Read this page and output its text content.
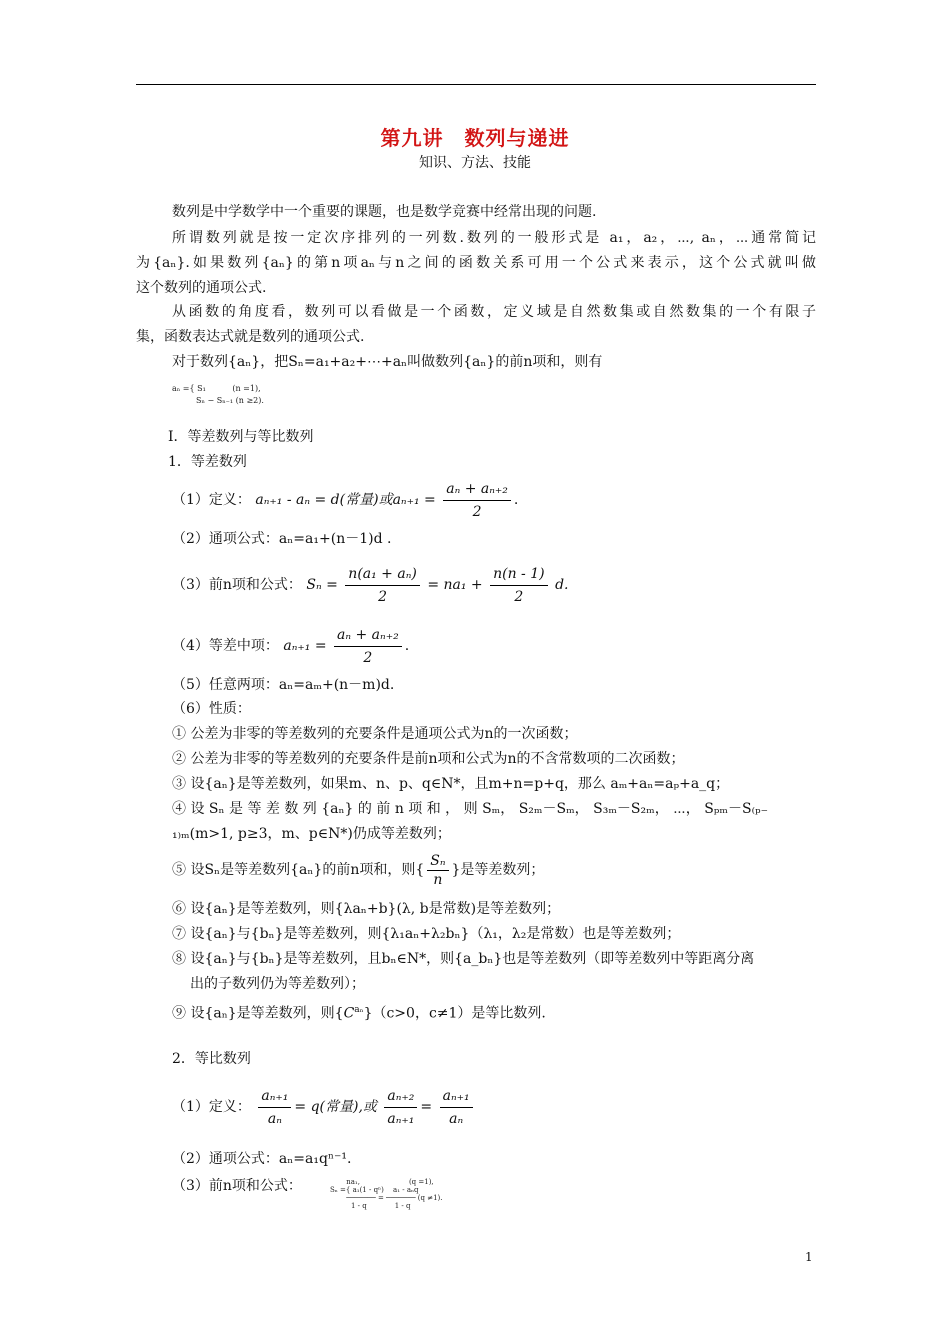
第九讲　数列与递进
知识、方法、技能
数列是中学数学中一个重要的课题，也是数学竞赛中经常出现的问题.
所谓数列就是按一定次序排列的一列数.数列的一般形式是 a₁，a₂，⋯, aₙ，⋯通常简记
为{aₙ}.如果数列{aₙ}的第n项aₙ与n之间的函数关系可用一个公式来表示，这个公式就叫做
这个数列的通项公式.
从函数的角度看，数列可以看做是一个函数，定义域是自然数集或自然数集的一个有限子
集，函数表达式就是数列的通项公式.
对于数列{aₙ}，把Sₙ=a₁+a₂+⋯+aₙ叫做数列{aₙ}的前n项和，则有
aₙ ={ S₁　　　 (n =1),
　　　Sₙ − Sₙ₋₁ (n ≥2).
I．等差数列与等比数列
1．等差数列
（1）定义： aₙ₊₁ - aₙ = d(常量)或$a_{n+1} = \frac{\text{aₙ + aₙ₊₂}}{2}$ .
（2）通项公式：aₙ=a₁+(n－1)d .
（3）前n项和公式： $S_n = \frac{\text{n(a₁ + aₙ)}}{2} = na_1 + \frac{n(n - 1)}{2} d$.
（4）等差中项： $a_{n+1} = \frac{\text{aₙ + aₙ₊₂}}{2}$ .
（5）任意两项：aₙ=aₘ+(n－m)d.
（6）性质：
① 公差为非零的等差数列的充要条件是通项公式为n的一次函数；
② 公差为非零的等差数列的充要条件是前n项和公式为n的不含常数项的二次函数；
③ 设{aₙ}是等差数列，如果m、n、p、q∈N*，且m+n=p+q，那么 aₘ+aₙ=aₚ+a_q；
④ 设 Sₙ 是 等 差 数 列 {aₙ} 的 前 n 项 和 ， 则 Sₘ， S₂ₘ－Sₘ， S₃ₘ－S₂ₘ， ⋯， Sₚₘ－S₍ₚ₋
₁₎ₘ(m>1, p≥3，m、p∈N*)仍成等差数列；
⑤ 设Sₙ是等差数列{aₙ}的前n项和，则{ $\frac{\text{Sₙ}}{n}$ }是等差数列；
⑥ 设{aₙ}是等差数列，则{λaₙ+b}(λ, b是常数)是等差数列；
⑦ 设{aₙ}与{bₙ}是等差数列，则{λ₁aₙ+λ₂bₙ}（λ₁，λ₂是常数）也是等差数列；
⑧ 设{aₙ}与{bₙ}是等差数列，且bₙ∈N*，则{a_bₙ}也是等差数列（即等差数列中等距离分离
出的子数列仍为等差数列）；
⑨ 设{aₙ}是等差数列，则$\{C^{a_n}\}(c>0$，c≠1）是等比数列.
2．等比数列
（1）定义： $\frac{\text{aₙ₊₁}}{\text{aₙ}} = q$(常量),或 $\frac{\text{aₙ₊₂}}{\text{aₙ₊₁}} = \frac{\text{aₙ₊₁}}{\text{aₙ}}$
（2）通项公式：aₙ=a₁qⁿ⁻¹.
（3）前n项和公式：	　　 na₁,　　　　　　　(q =1),
Sₙ ={ a₁(1 - qⁿ)　 a₁ - aₙq
　　 ─────── = ─────── (q ≠1).
　　　1 - q　　　　1 - q
1
